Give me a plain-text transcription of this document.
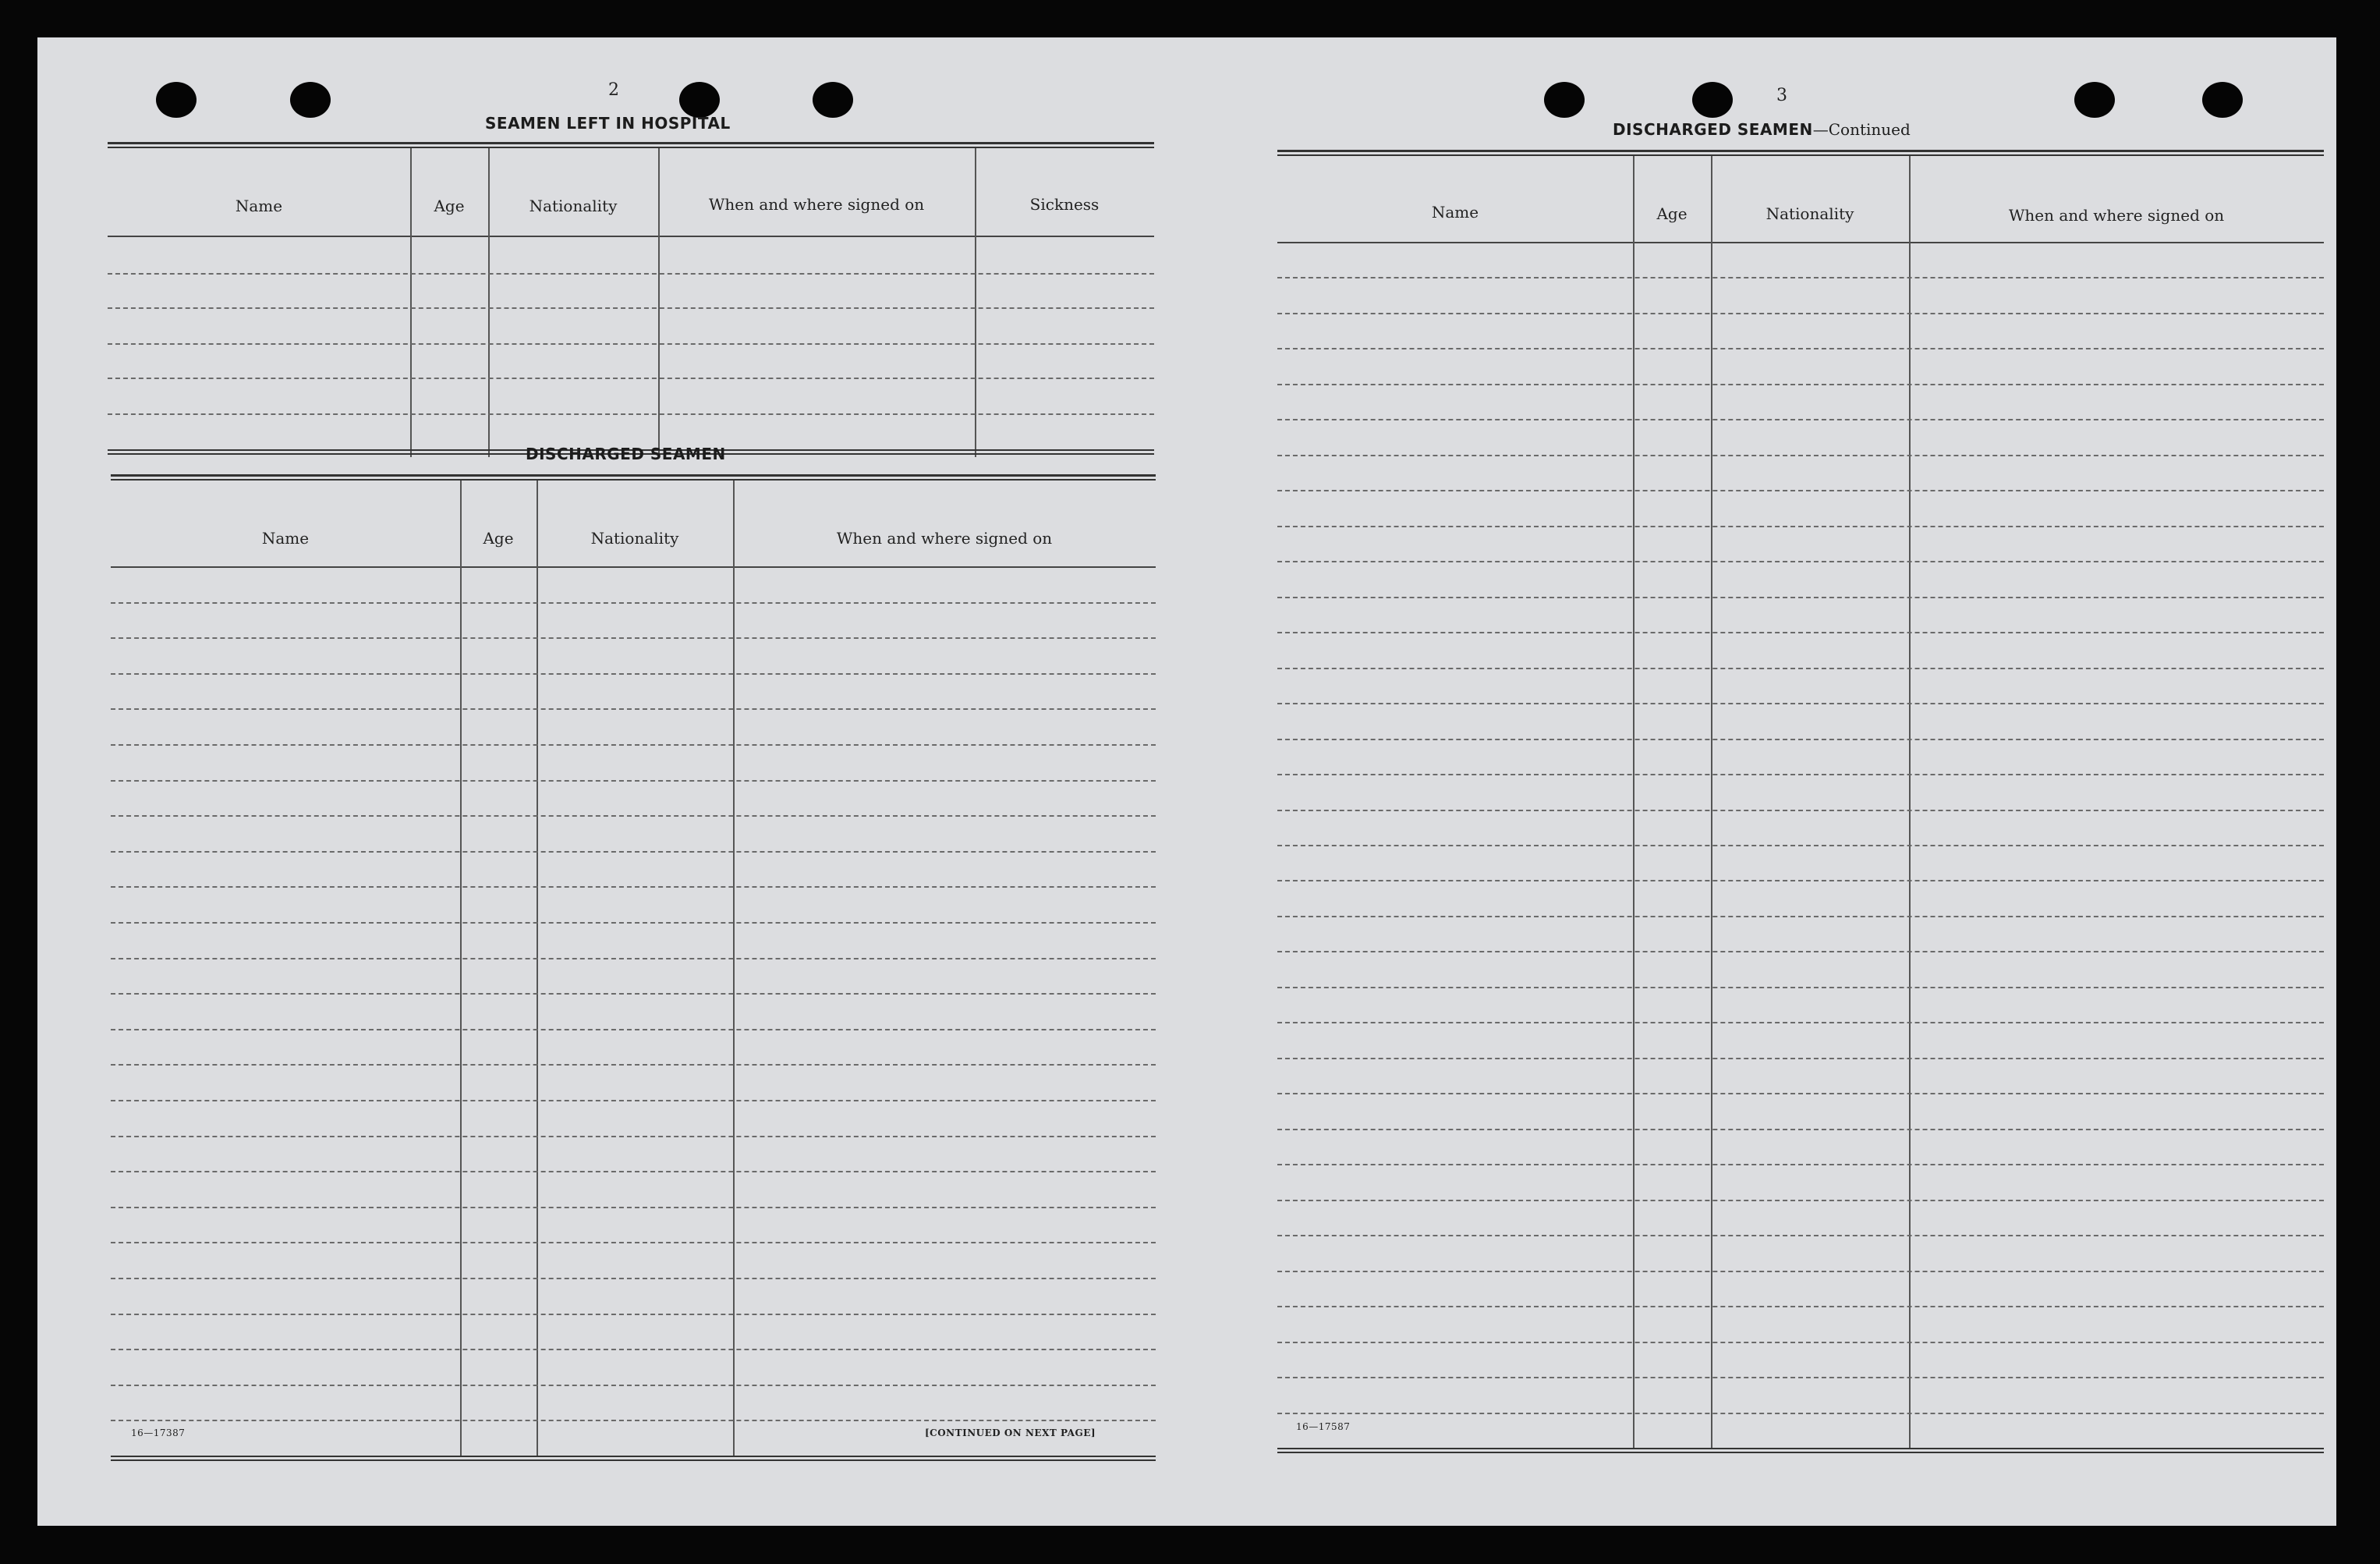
2
SEAMEN LEFT IN HOSPITAL
Name	Age	Nationality	When and where signed on	Sickness
DISCHARGED SEAMEN
Name	Age	Nationality	When and where signed on
16—17387	[CONTINUED ON NEXT PAGE]
3
DISCHARGED SEAMEN—Continued
Name	Age	Nationality	When and where signed on
16—17587
